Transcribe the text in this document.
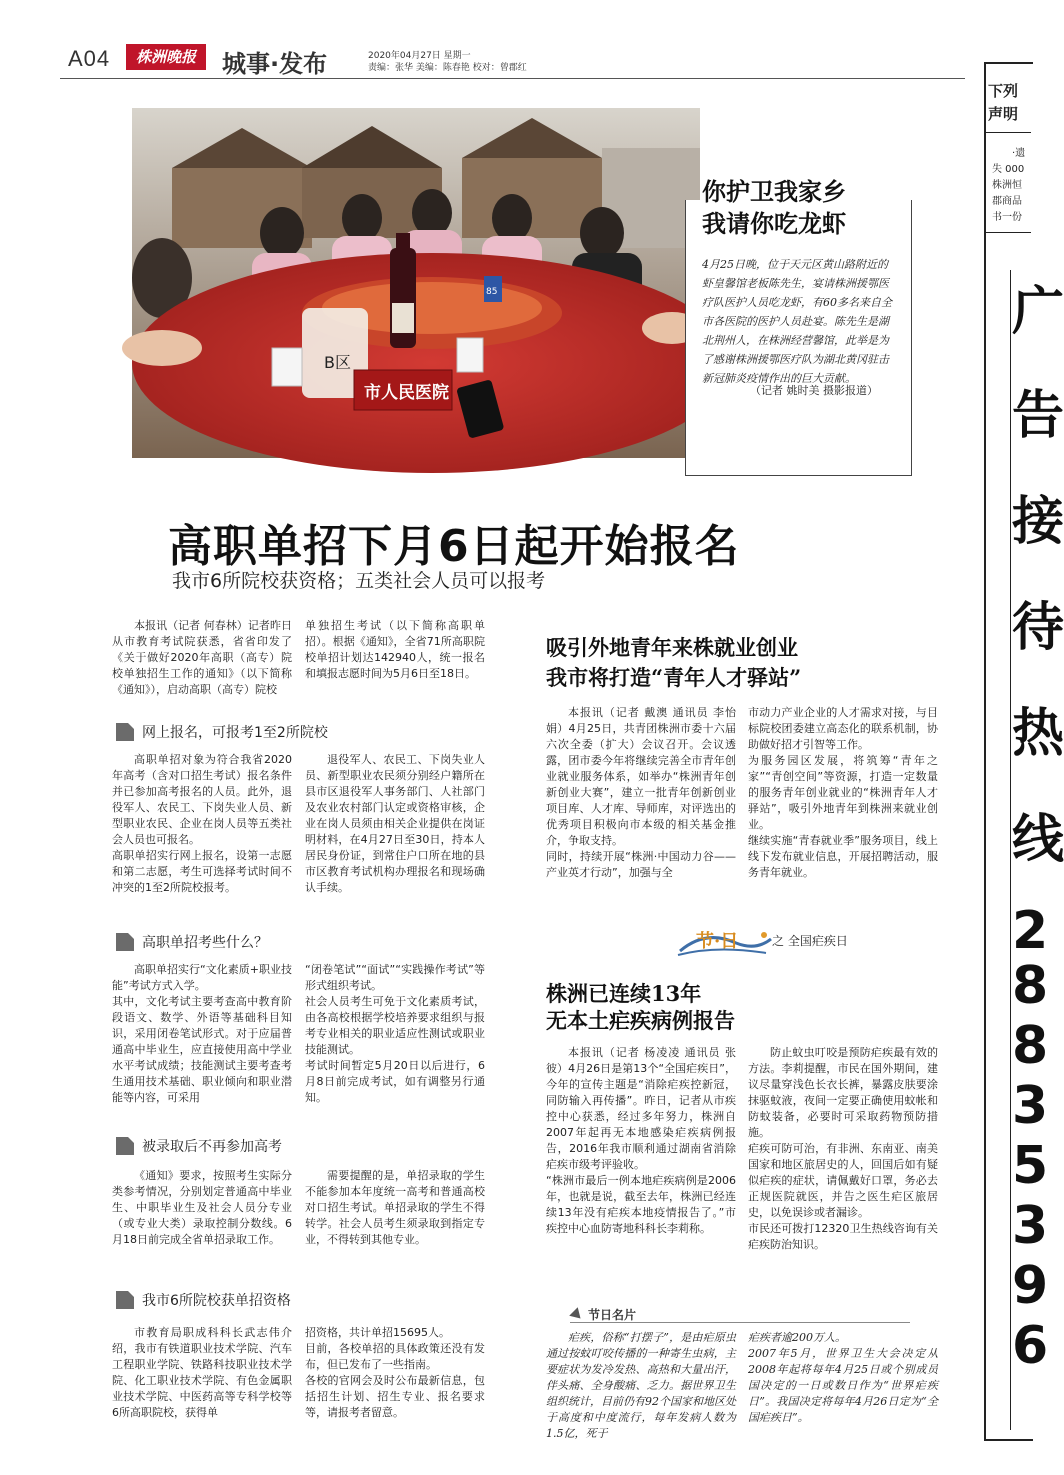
A04	株洲晚报	城事·发布	2020年04月27日 星期一
责编：张华 美编：陈春艳 校对：曾郡红
B区
85
市人民医院
你护卫我家乡
我请你吃龙虾
4月25日晚，位于天元区黄山路附近的虾皇馨馆老板陈先生，宴请株洲援鄂医疗队医护人员吃龙虾，有60多名来自全市各医院的医护人员赴宴。陈先生是湖北荆州人，在株洲经营馨馆，此举是为了感谢株洲援鄂医疗队为湖北黄冈驻击新冠肺炎疫情作出的巨大贡献。
（记者 姚时美 摄影报道）
高职单招下月6日起开始报名
我市6所院校获资格；五类社会人员可以报考
本报讯（记者 何春林）记者昨日从市教育考试院获悉，省省印发了《关于做好2020年高职（高专）院校单独招生工作的通知》（以下简称《通知》），启动高职（高专）院校
单独招生考试（以下简称高职单招）。根据《通知》，全省71所高职院校单招计划达142940人，统一报名和填报志愿时间为5月6日至18日。
网上报名，可报考1至2所院校
高职单招对象为符合我省2020年高考（含对口招生考试）报名条件并已参加高考报名的人员。此外，退役军人、农民工、下岗失业人员、新型职业农民、企业在岗人员等五类社会人员也可报名。
高职单招实行网上报名，设第一志愿和第二志愿，考生可选择考试时间不冲突的1至2所院校报考。
退役军人、农民工、下岗失业人员、新型职业农民须分别经户籍所在县市区退役军人事务部门、人社部门及农业农村部门认定或资格审核，企业在岗人员须由相关企业提供在岗证明材料，在4月27日至30日，持本人居民身份证，到常住户口所在地的县市区教育考试机构办理报名和现场确认手续。
高职单招考些什么？
高职单招实行“文化素质+职业技能”考试方式入学。
其中，文化考试主要考查高中教育阶段语文、数学、外语等基础科目知识，采用闭卷笔试形式。对于应届普通高中毕业生，应直接使用高中学业水平考试成绩；技能测试主要考查考生通用技术基础、职业倾向和职业潜能等内容，可采用
“闭卷笔试”“面试”“实践操作考试”等形式组织考试。
社会人员考生可免于文化素质考试，由各高校根据学校培养要求组织与报考专业相关的职业适应性测试或职业技能测试。
考试时间暂定5月20日以后进行，6月8日前完成考试，如有调整另行通知。
被录取后不再参加高考
《通知》要求，按照考生实际分类参考情况，分别划定普通高中毕业生、中职毕业生及社会人员分专业（或专业大类）录取控制分数线。6月18日前完成全省单招录取工作。
需要提醒的是，单招录取的学生不能参加本年度统一高考和普通高校对口招生考试。单招录取的学生不得转学。社会人员考生须录取到指定专业，不得转到其他专业。
我市6所院校获单招资格
市教育局职成科科长武志伟介绍，我市有铁道职业技术学院、汽车工程职业学院、铁路科技职业技术学院、化工职业技术学院、有色金属职业技术学院、中医药高等专科学校等6所高职院校，获得单
招资格，共计单招15695人。
目前，各校单招的具体政策还没有发布，但已发布了一些指南。
各校的官网会及时公布最新信息，包括招生计划、招生专业、报名要求等，请报考者留意。
吸引外地青年来株就业创业
我市将打造“青年人才驿站”
本报讯（记者 戴澳 通讯员 李怡娟）4月25日，共青团株洲市委十六届六次全委（扩大）会议召开。会议透露，团市委今年将继续完善全市青年创业就业服务体系，如举办“株洲青年创新创业大赛”，建立一批青年创新创业项目库、人才库、导师库，对评选出的优秀项目积极向市本级的相关基金推介，争取支持。
同时，持续开展“株洲·中国动力谷——产业英才行动”，加强与全
市动力产业企业的人才需求对接，与目标院校团委建立高态化的联系机制，协助做好招才引智等工作。
为服务园区发展，将筑筹“青年之家”“青创空间”等资源，打造一定数量的服务青年创业就业的“株洲青年人才驿站”，吸引外地青年到株洲来就业创业。
继续实施“青春就业季”服务项目，线上线下发布就业信息，开展招聘活动，服务青年就业。
节·日	之 全国疟疾日
株洲已连续13年
无本土疟疾病例报告
本报讯（记者 杨凌凌 通讯员 张彼）4月26日是第13个“全国疟疾日”，今年的宣传主题是“消除疟疾控新冠，同防输入再传播”。昨日，记者从市疾控中心获悉，经过多年努力，株洲自2007年起再无本地感染疟疾病例报告，2016年我市顺利通过湖南省消除疟疾市级考评验收。
“株洲市最后一例本地疟疾病例是2006年，也就是说，截至去年，株洲已经连续13年没有疟疾本地疫情报告了。”市疾控中心血防寄地科科长李莉称。
防止蚊虫叮咬是预防疟疾最有效的方法。李莉提醒，市民在国外期间，建议尽量穿浅色长衣长裤，暴露皮肤要涂抹驱蚊液，夜间一定要正确使用蚊帐和防蚊装备，必要时可采取药物预防措施。
疟疾可防可治，有非洲、东南亚、南美国家和地区旅居史的人，回国后如有疑似疟疾的症状，请佩戴好口罩，务必去正规医院就医，并告之医生疟区旅居史，以免误诊或者漏诊。
市民还可拨打12320卫生热线咨询有关疟疾防治知识。
节日名片
疟疾，俗称“打摆子”，是由疟原虫通过按蚊叮咬传播的一种寄生虫病，主要症状为发冷发热、高热和大量出汗，伴头痛、全身酸痛、乏力。据世界卫生组织统计，目前仍有92个国家和地区处于高度和中度流行，每年发病人数为1.5亿，死于
疟疾者逾200万人。
2007年5月，世界卫生大会决定从2008年起将每年4月25日或个别成员国决定的一日或数日作为“世界疟疾日”。我国决定将每年4月26日定为“全国疟疾日”。
下列
声明
·遗
失 000
株洲恒
郡商品
书一份
广
告
接
待
热
线
2
8
8
3
5
3
9
6
